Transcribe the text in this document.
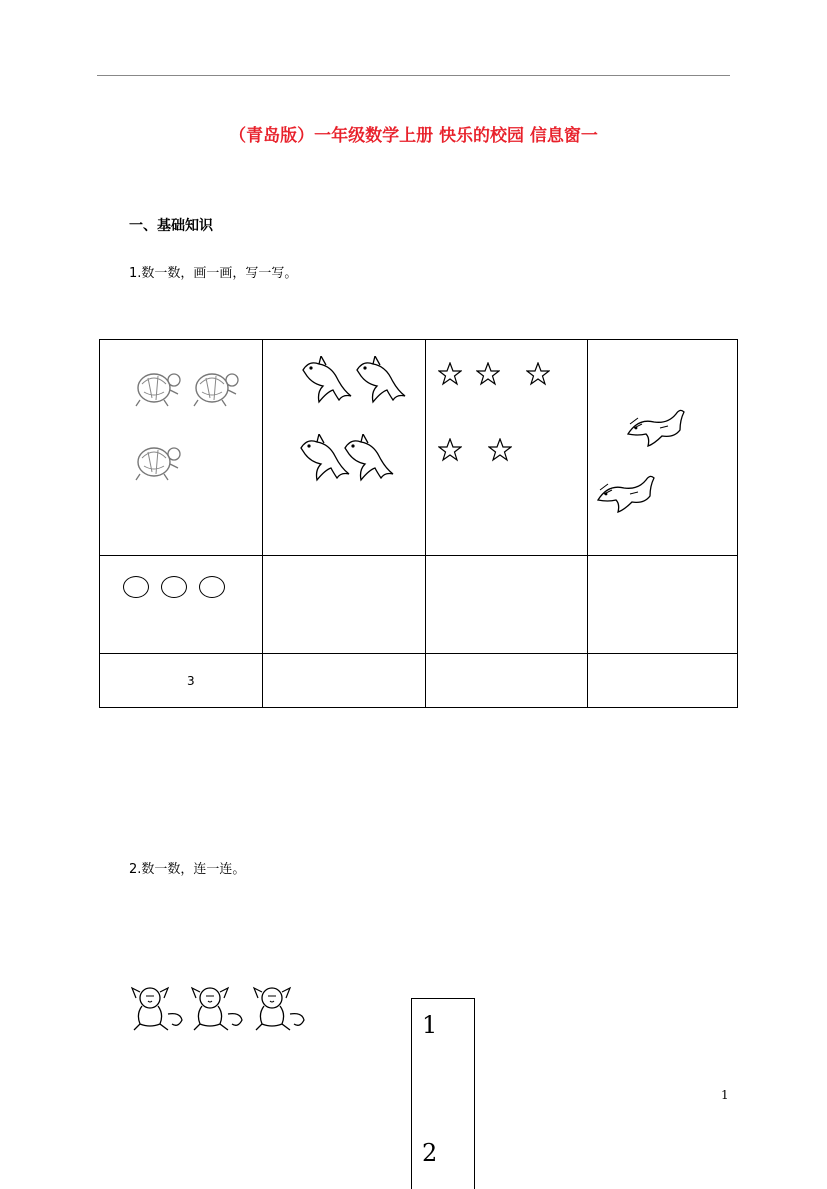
（青岛版）一年级数学上册 快乐的校园 信息窗一
一、基础知识
1.数一数，画一画，写一写。

3			

2.数一数，连一连。
1
2
1
